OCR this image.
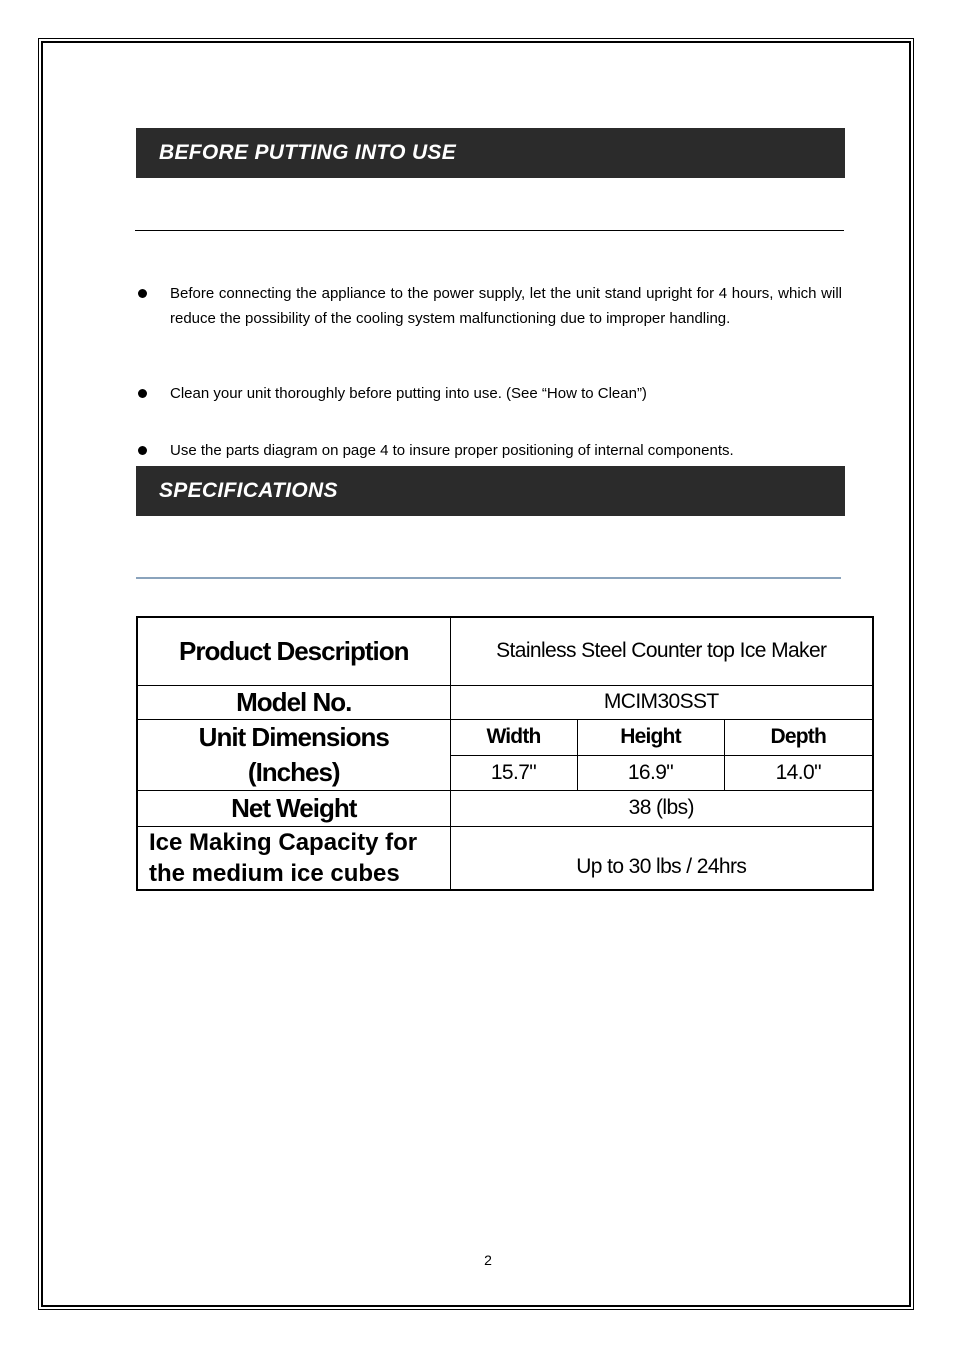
BEFORE PUTTING INTO USE
Before connecting the appliance to the power supply, let the unit stand upright for 4 hours, which will reduce the possibility of the cooling system malfunctioning due to improper handling.
Clean your unit thoroughly before putting into use. (See “How to Clean”)
Use the parts diagram on page 4 to insure proper positioning of internal components.
SPECIFICATIONS
Product Description	Stainless Steel Counter top Ice Maker		
Model No.	MCIM30SST		

Unit Dimensions
(Inches)	Width	Height	Depth
	15.7"	16.9"	14.0"
Net Weight	38 (lbs)		

Ice Making Capacity for
the medium ice cubes	Up to 30 lbs / 24hrs		
2
